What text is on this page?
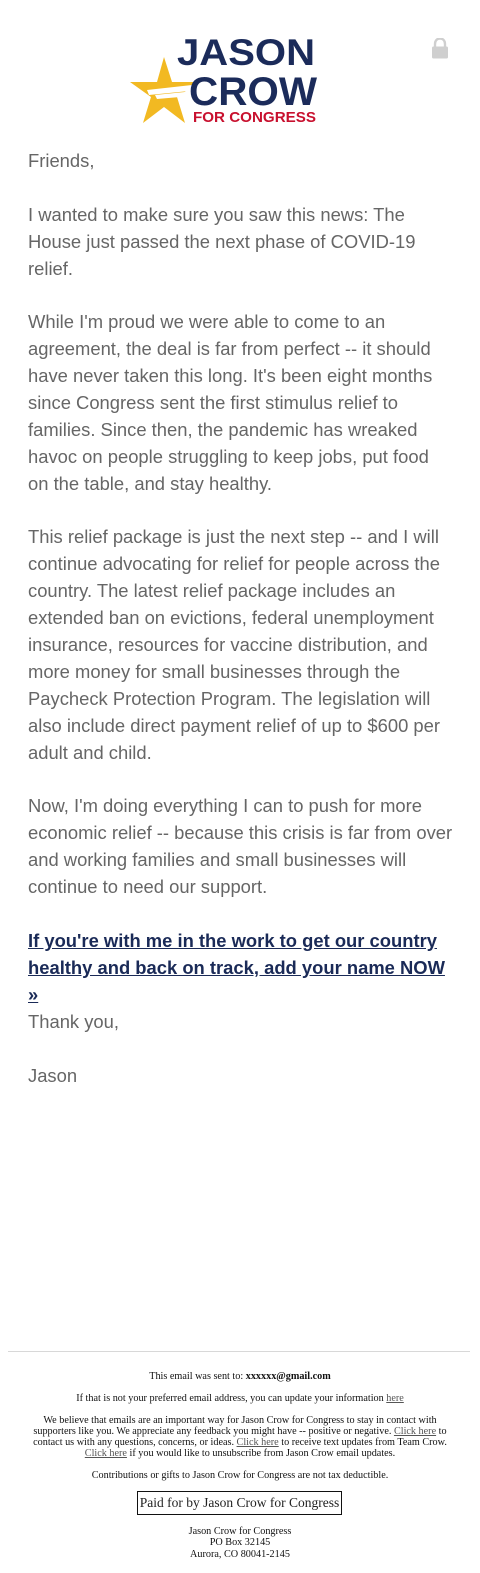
JASON
CROW
FOR CONGRESS
Friends,
I wanted to make sure you saw this news: The House just passed the next phase of COVID-19 relief.
While I'm proud we were able to come to an agreement, the deal is far from perfect -- it should have never taken this long. It's been eight months since Congress sent the first stimulus relief to families. Since then, the pandemic has wreaked havoc on people struggling to keep jobs, put food on the table, and stay healthy.
This relief package is just the next step -- and I will continue advocating for relief for people across the country. The latest relief package includes an extended ban on evictions, federal unemployment insurance, resources for vaccine distribution, and more money for small businesses through the Paycheck Protection Program. The legislation will also include direct payment relief of up to $600 per adult and child.
Now, I'm doing everything I can to push for more economic relief -- because this crisis is far from over and working families and small businesses will continue to need our support.
If you're with me in the work to get our country healthy and back on track, add your name NOW »
Thank you,
Jason
This email was sent to: xxxxxx@gmail.com
If that is not your preferred email address, you can update your information here
We believe that emails are an important way for Jason Crow for Congress to stay in contact with supporters like you. We appreciate any feedback you might have -- positive or negative. Click here to contact us with any questions, concerns, or ideas. Click here to receive text updates from Team Crow. Click here if you would like to unsubscribe from Jason Crow email updates.
Contributions or gifts to Jason Crow for Congress are not tax deductible.
Paid for by Jason Crow for Congress
Jason Crow for Congress
PO Box 32145
Aurora, CO 80041-2145
